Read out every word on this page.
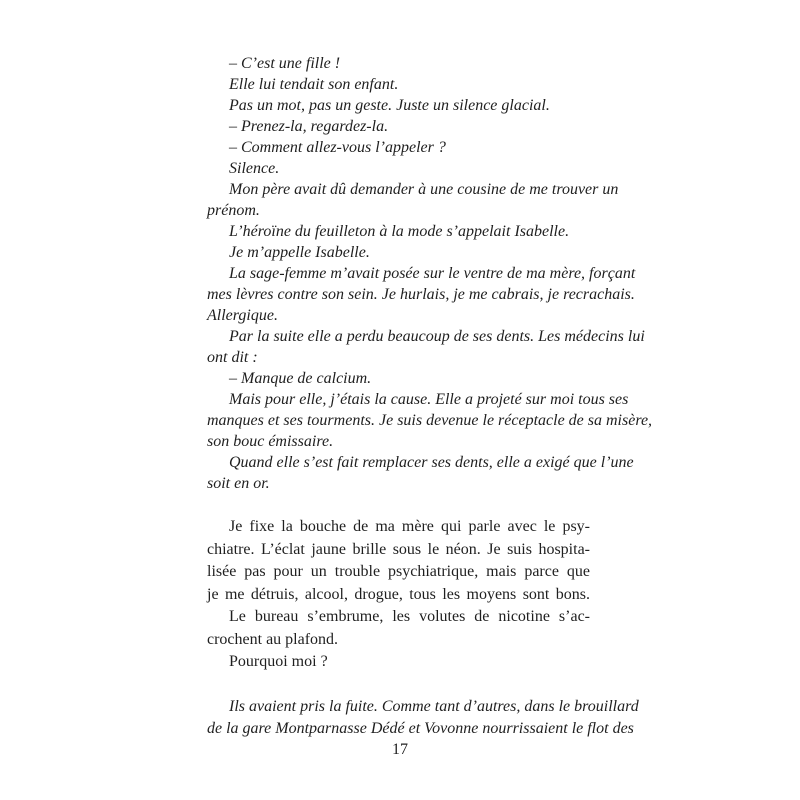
– C’est une fille !
Elle lui tendait son enfant.
Pas un mot, pas un geste. Juste un silence glacial.
– Prenez-la, regardez-la.
– Comment allez-vous l’appeler ?
Silence.
Mon père avait dû demander à une cousine de me trouver un
prénom.
L’héroïne du feuilleton à la mode s’appelait Isabelle.
Je m’appelle Isabelle.
La sage-femme m’avait posée sur le ventre de ma mère, forçant
mes lèvres contre son sein. Je hurlais, je me cabrais, je recrachais.
Allergique.
Par la suite elle a perdu beaucoup de ses dents. Les médecins lui
ont dit :
– Manque de calcium.
Mais pour elle, j’étais la cause. Elle a projeté sur moi tous ses
manques et ses tourments. Je suis devenue le réceptacle de sa misère,
son bouc émissaire.
Quand elle s’est fait remplacer ses dents, elle a exigé que l’une
soit en or.
Je fixe la bouche de ma mère qui parle avec le psy-
chiatre. L’éclat jaune brille sous le néon. Je suis hospita-
lisée pas pour un trouble psychiatrique, mais parce que
je me détruis, alcool, drogue, tous les moyens sont bons.
Le bureau s’embrume, les volutes de nicotine s’ac-
crochent au plafond.
Pourquoi moi ?
Ils avaient pris la fuite. Comme tant d’autres, dans le brouillard
de la gare Montparnasse Dédé et Vovonne nourrissaient le flot des
17
